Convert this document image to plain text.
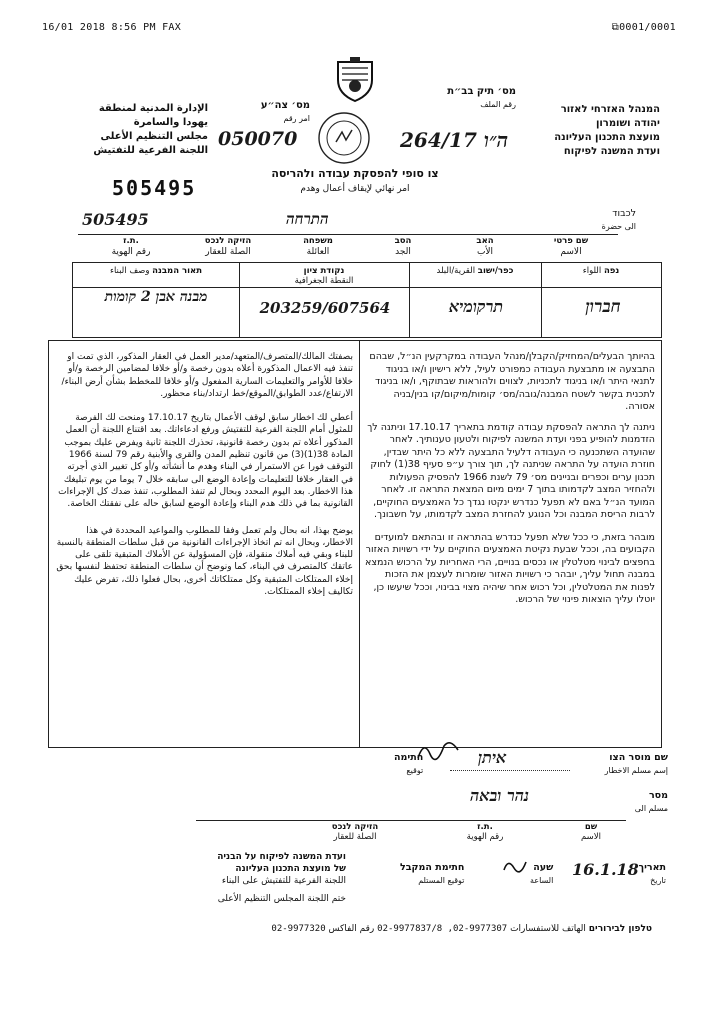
16/01 2018 8:56 PM FAX	⧉0001/0001
המנהל האזרחי לאזור
יהודה ושומרון
מועצת התכנון העליונה
ועדת המשנה לפיקוח
מס׳ תיק בב״ת
رقم الملف
264/17 ה״ו
מס׳ צה״ע
امر رقم
050070
الإدارة المدنية لمنطقة
يهودا والسامرة
مجلس التنظيم الأعلى
اللجنة الفرعية للتفتيش
505495
צו סופי להפסקת עבודה ולהריסה
امر نهائي لإيقاف أعمال وهدم
לכבוד
الى حضرة
505495	התרחה
שם פרטי
الاسم
האב
الأب
הסב
الجد
משפחה
العائلة
הזיקה לנכס
الصلة للعقار
ת.ז.
رقم الهوية
נפה اللواء
כפר/ישוב القرية/البلد
נקודת ציון
النقطة الجغرافية
תאור המבנה وصف البناء
חברון
תרקומיא
203259/607564
מבנה אבן 2 קומות
בהיותך הבעלים/המחזיק/הקבלן/מנהל העבודה במקרקעין הנ״ל, שבהם התבצעה או מתבצעת העבודה כמפורט לעיל, ללא רישיון ו/או בניגוד לתנאי היתר ו/או בניגוד לתכניות, לצווים ולהוראות שבתוקף, ו/או בניגוד לתכנית בקשר לשטח המבנה/גובה/מס׳ קומות/מיקום/קו בנין/בניה אסורה.
ניתנה לך התראה להפסקת עבודה קודמת בתאריך 17.10.17 וניתנה לך הזדמנות להופיע בפני ועדת המשנה לפיקוח ולטעון טענותיך. לאחר שהועדה השתכנעה כי העבודה דלעיל התבצעה ללא כל היתר שבדין, חוזרת הועדה על התראה שניתנה לך, תוך צורך ע״פ סעיף 38(1) לחוק תכנון ערים וכפרים ובניינים מס׳ 79 לשנת 1966 להפסיק הפעולות ולהחזיר המצב לקדמותו בתוך 7 ימים מיום המצאת התראה זו. לאחר המועד הנ״ל באם לא תפעל כנדרש ינקטו נגדך כל האמצעים החוקיים, לרבות הריסת המבנה וכל הנוגע להחזרת המצב לקדמותו, על חשבונך.
מובהר בזאת, כי ככל שלא תפעל כנדרש בהתראה זו ובהתאם למועדים הקבועים בה, וככל שבעת נקיטת האמצעים החוקיים על ידי רשויות האזור בחפצים לבינוי מטלטלין או נכסים בנויים, הרי האחריות על הרכוש הנמצא במבנה תחול עליך, יובהר כי רשויות האזור שומרות לעצמן את הזכות לפנות את המטלטלין, וכל רכוש אחר שיהיה מצוי בבינוי, וככל שיעשו כן, יוטלו עליך הוצאות פינוי של הרכוש.
بصفتك المالك/المتصرف/المتعهد/مدير العمل في العقار المذكور، الذي تمت او تنفذ فيه الاعمال المذكورة أعلاه بدون رخصة و/أو خلافا لمضامين الرخصة و/أو خلافا للأوامر والتعليمات السارية المفعول و/أو خلافا للمخطط بشأن أرض البناء/الارتفاع/عدد الطوابق/الموقع/خط ارتداد/بناء محظور.
أعطي لك اخطار سابق لوقف الأعمال بتاريخ 17.10.17 ومنحت لك الفرصة للمثول أمام اللجنة الفرعية للتفتيش ورفع ادعاءاتك. بعد اقتناع اللجنة أن العمل المذكور أعلاه تم بدون رخصة قانونية، تحذرك اللجنة ثانية ويفرض عليك بموجب المادة 38(1)(3) من قانون تنظيم المدن والقرى والأبنية رقم 79 لسنة 1966 التوقف فورا عن الاستمرار في البناء وهدم ما أنشأته و/أو كل تغيير الذي أجرته في العقار خلافا للتعليمات وإعادة الوضع الى سابقه خلال 7 يوما من يوم تبليغك هذا الاخطار. بعد اليوم المحدد وبحال لم تنفذ المطلوب، تنفذ ضدك كل الإجراءات القانونية بما في ذلك هدم البناء وإعادة الوضع لسابق حاله على نفقتك الخاصة.
يوضح بهذا، انه بحال ولم تعمل وفقا للمطلوب والمواعيد المحددة في هذا الاخطار، وبحال انه تم اتخاذ الإجراءات القانونية من قبل سلطات المنطقة بالنسبة للبناء وبقي فيه أملاك منقولة، فإن المسؤولية عن الأملاك المتبقية تلقى على عاتقك كالمتصرف في البناء، كما ونوضح أن سلطات المنطقة تحتفظ لنفسها بحق إخلاء الممتلكات المتبقية وكل ممتلكاتك أخرى، بحال فعلوا ذلك، تفرض عليك تكاليف إخلاء الممتلكات.
שם מוסר הצו
إسم مسلم الاخطار
איתן
חתימה
توقيع
מסר
مسلم الى
נהר ובאה
שם
الاسم
ת.ז.
رقم الهوية
הזיקה לנכס
الصلة للعقار
תאריך
تاريخ
16.1.18
שעה
الساعة
חתימת המקבל
توقيع المستلم
ועדת המשנה לפיקוח על הבניה
של מועצת התכנון העליונה
اللجنة الفرعية للتفتيش على البناء
ختم اللجنة المجلس التنظيم الأعلى
טלפון לבירורים الهاتف للاستفسارات 02-9977837/8 ,02-9977307 رقم الفاكس 02-9977320
